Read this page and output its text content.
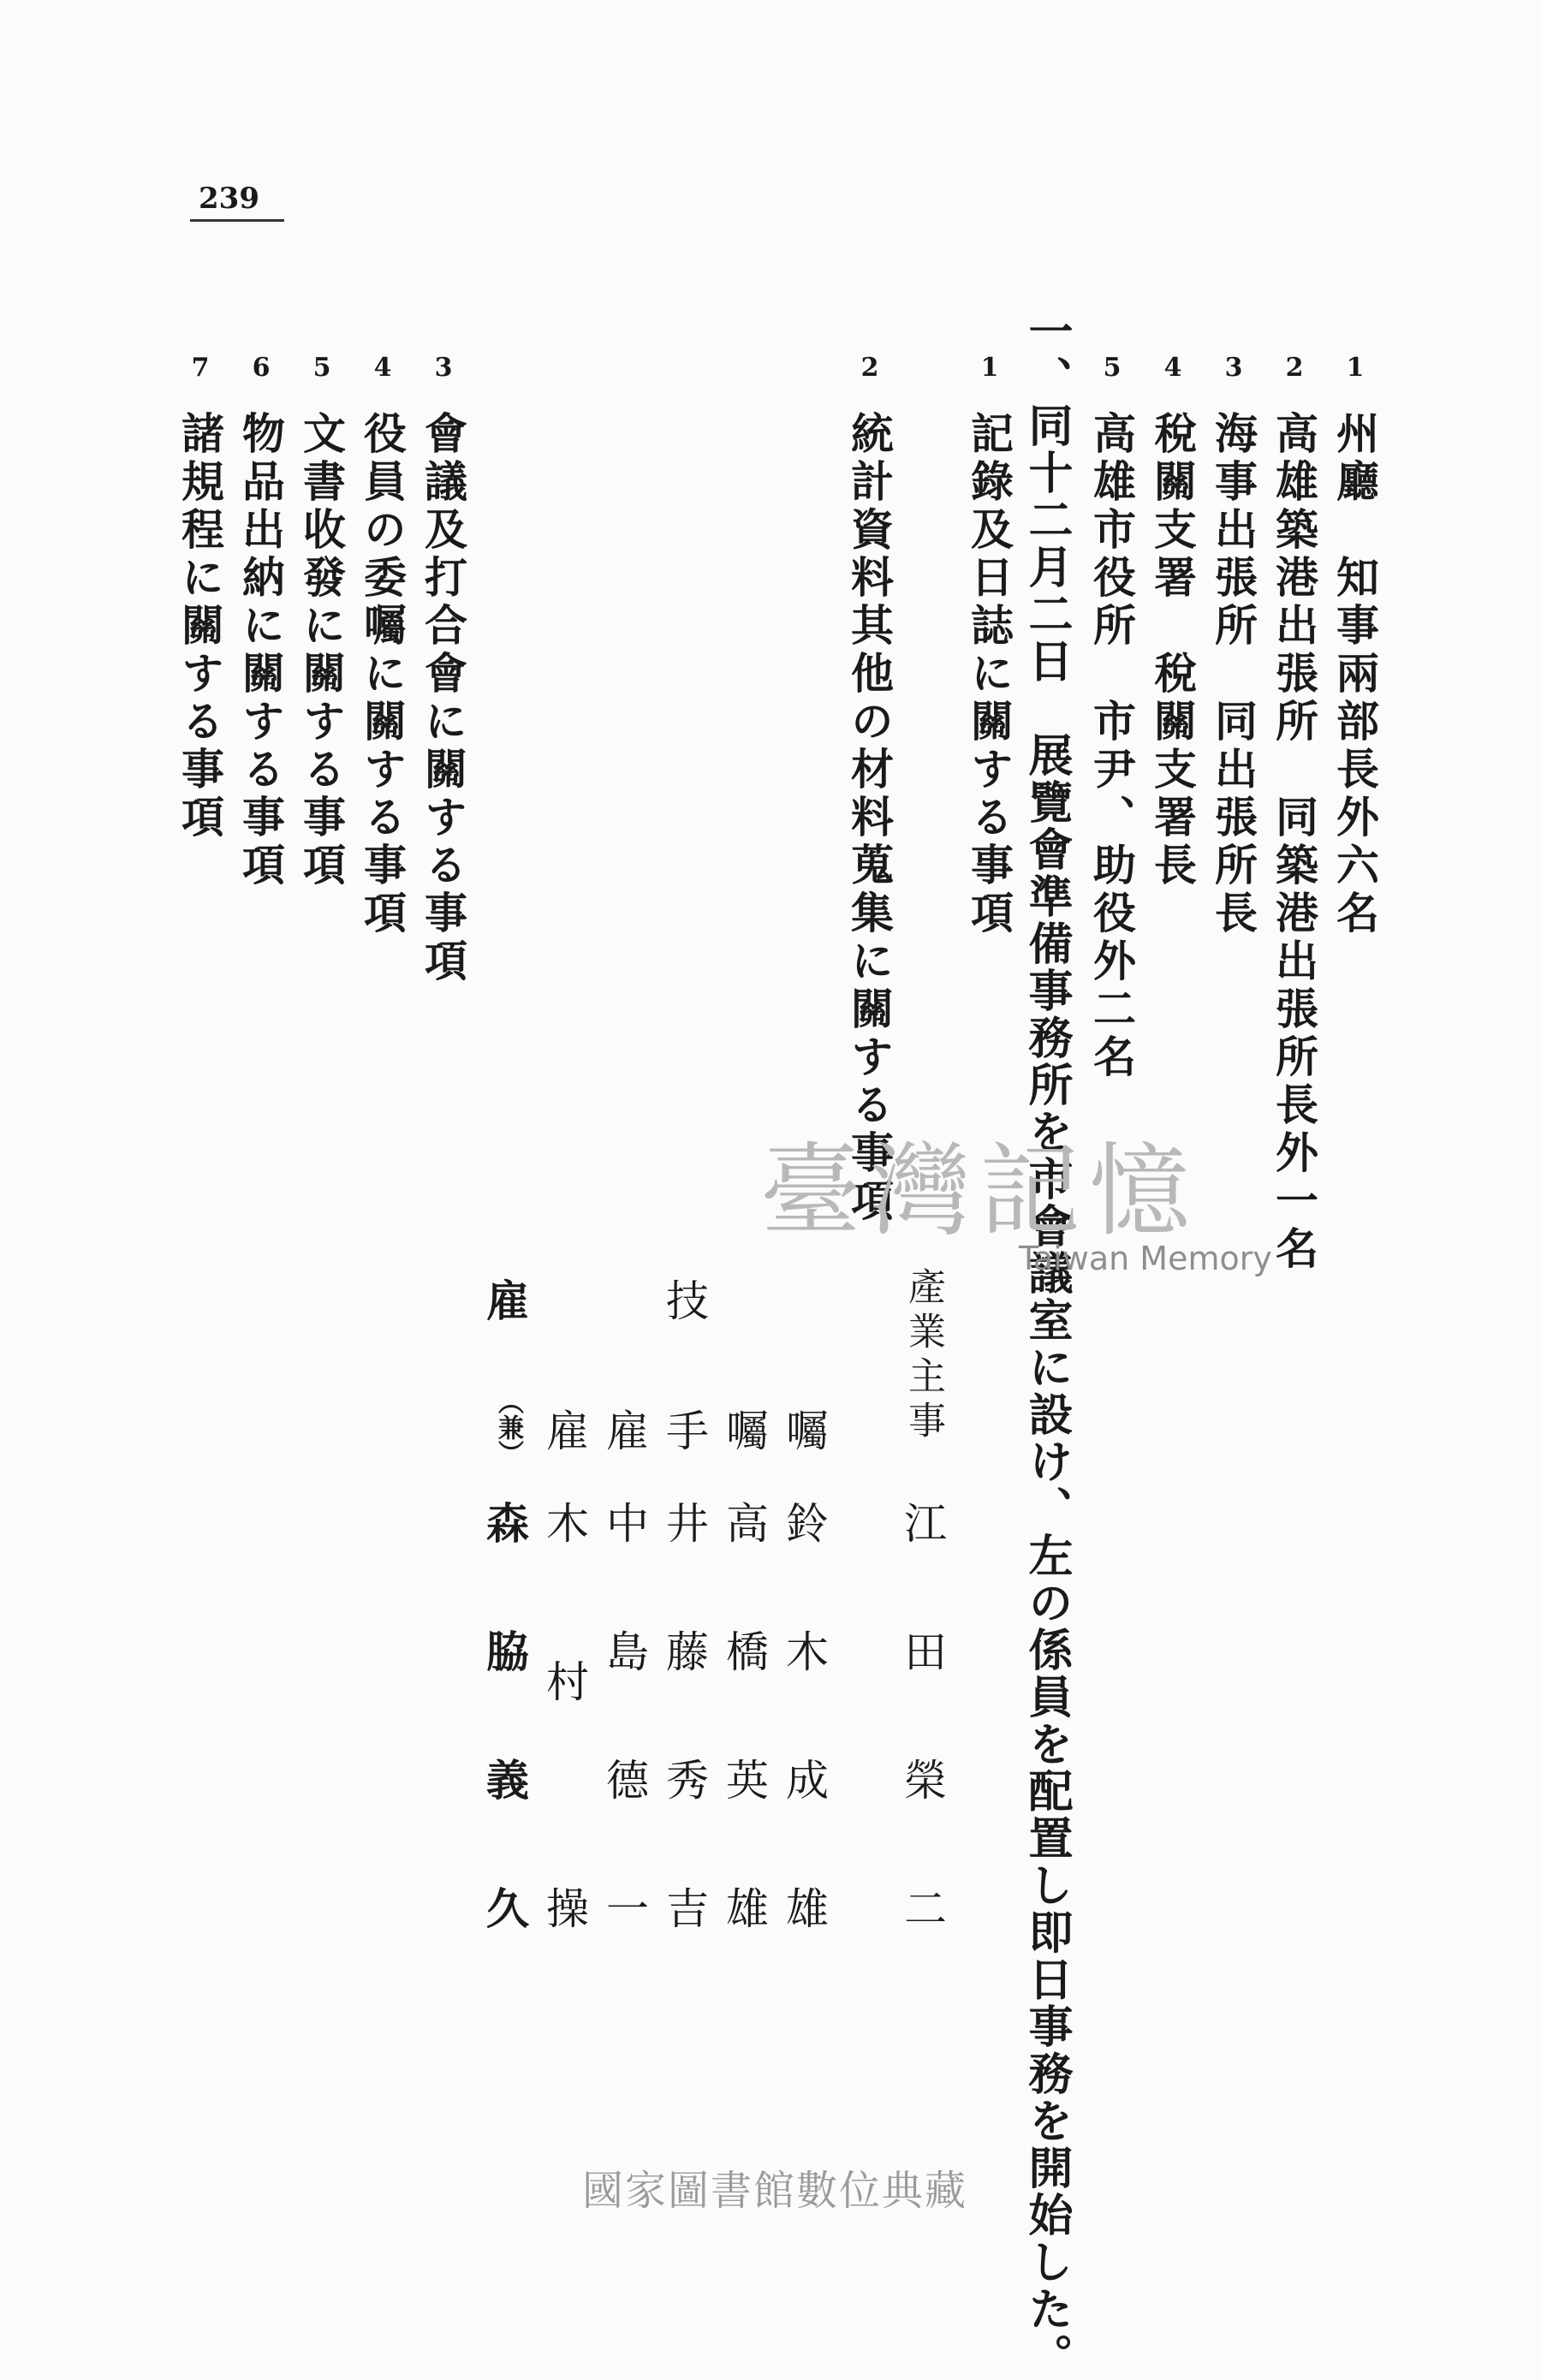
239
1
州廳　知事兩部長外六名
2
高雄築港出張所　同築港出張所長外一名
3
海事出張所　同出張所長
4
稅關支署　稅關支署長
5
高雄市役所　市尹、助役外二名
一、同十二月二日　展覽會準備事務所を市會議室に設け、左の係員を配置し即日事務を開始した。
1
記錄及日誌に關する事項
2
統計資料其他の材料蒐集に關する事項
3
會議及打合會に關する事項
4
役員の委囑に關する事項
5
文書收發に關する事項
6
物品出納に關する事項
7
諸規程に關する事項
產業主事
江
田
榮
二
囑
鈴
木
成
雄
囑
高
橋
英
雄
技
手
井
藤
秀
吉
雇
中
島
德
一
雇
木
村
操
雇
（兼）
森
脇
義
久
臺灣記憶
Taiwan Memory
國家圖書館數位典藏
